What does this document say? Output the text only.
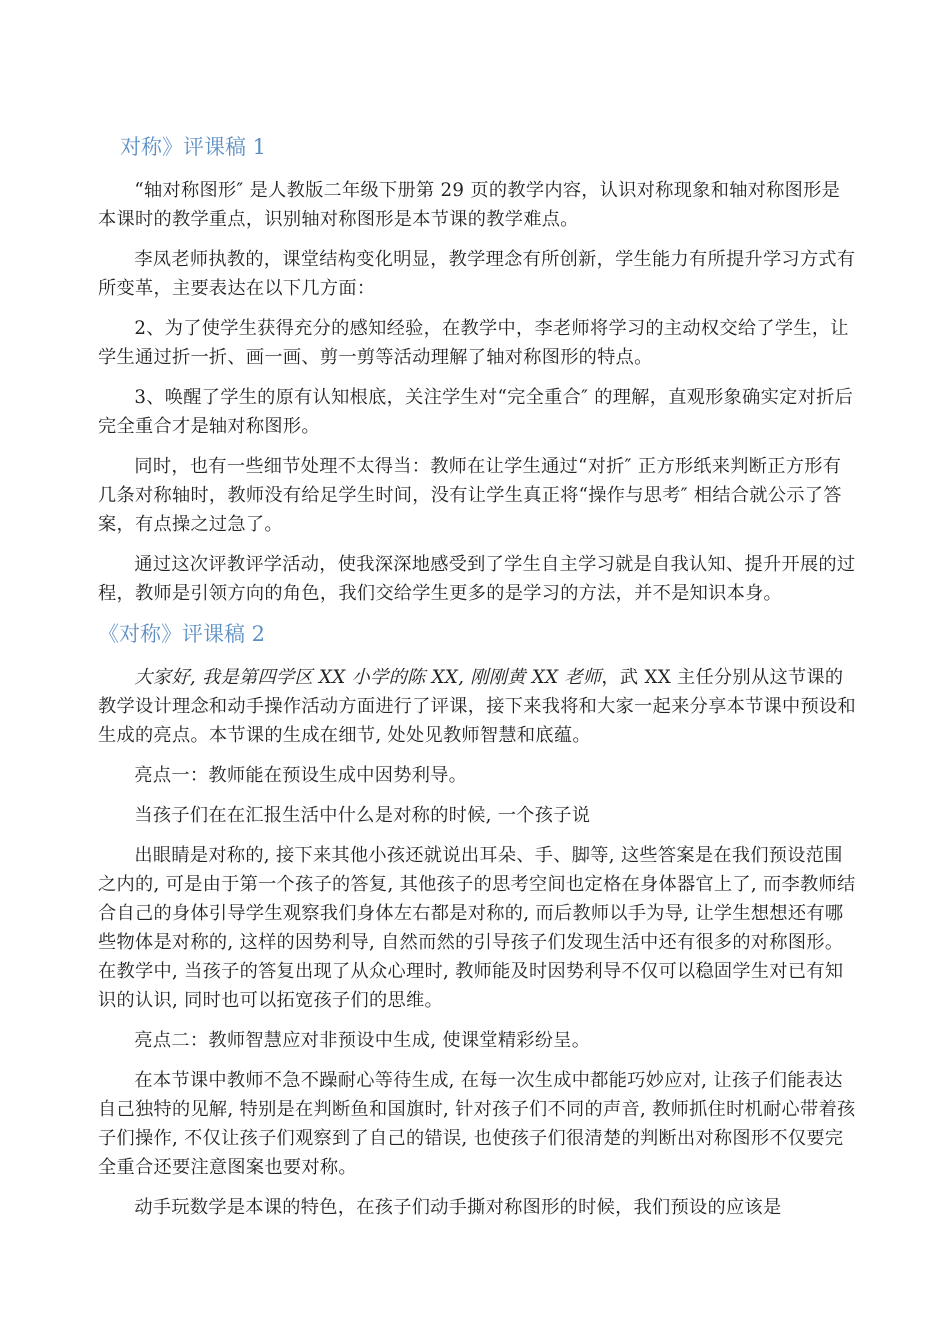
对称》评课稿 1

“轴对称图形″ 是人教版二年级下册第 29 页的教学内容，认识对称现象和轴对称图形是本课时的教学重点，识别轴对称图形是本节课的教学难点。

李凤老师执教的，课堂结构变化明显，教学理念有所创新，学生能力有所提升学习方式有所变革，主要表达在以下几方面：

2、为了使学生获得充分的感知经验，在教学中，李老师将学习的主动权交给了学生，让学生通过折一折、画一画、剪一剪等活动理解了轴对称图形的特点。

3、唤醒了学生的原有认知根底，关注学生对“完全重合″ 的理解，直观形象确实定对折后完全重合才是轴对称图形。

同时，也有一些细节处理不太得当：教师在让学生通过“对折″ 正方形纸来判断正方形有几条对称轴时，教师没有给足学生时间，没有让学生真正将“操作与思考″ 相结合就公示了答案，有点操之过急了。

通过这次评教评学活动，使我深深地感受到了学生自主学习就是自我认知、提升开展的过程，教师是引领方向的角色，我们交给学生更多的是学习的方法，并不是知识本身。

《对称》评课稿 2

大家好, 我是第四学区 XX 小学的陈 XX, 刚刚黄 XX 老师，武 XX 主任分别从这节课的教学设计理念和动手操作活动方面进行了评课，接下来我将和大家一起来分享本节课中预设和生成的亮点。本节课的生成在细节, 处处见教师智慧和底蕴。

亮点一：教师能在预设生成中因势利导。

当孩子们在在汇报生活中什么是对称的时候, 一个孩子说

出眼睛是对称的, 接下来其他小孩还就说出耳朵、手、脚等, 这些答案是在我们预设范围之内的, 可是由于第一个孩子的答复, 其他孩子的思考空间也定格在身体器官上了, 而李教师结合自己的身体引导学生观察我们身体左右都是对称的, 而后教师以手为导, 让学生想想还有哪些物体是对称的, 这样的因势利导, 自然而然的引导孩子们发现生活中还有很多的对称图形。在教学中, 当孩子的答复出现了从众心理时, 教师能及时因势利导不仅可以稳固学生对已有知识的认识, 同时也可以拓宽孩子们的思维。

亮点二：教师智慧应对非预设中生成, 使课堂精彩纷呈。

在本节课中教师不急不躁耐心等待生成, 在每一次生成中都能巧妙应对, 让孩子们能表达自己独特的见解, 特别是在判断鱼和国旗时, 针对孩子们不同的声音, 教师抓住时机耐心带着孩子们操作, 不仅让孩子们观察到了自己的错误, 也使孩子们很清楚的判断出对称图形不仅要完全重合还要注意图案也要对称。

动手玩数学是本课的特色，在孩子们动手撕对称图形的时候，我们预设的应该是
